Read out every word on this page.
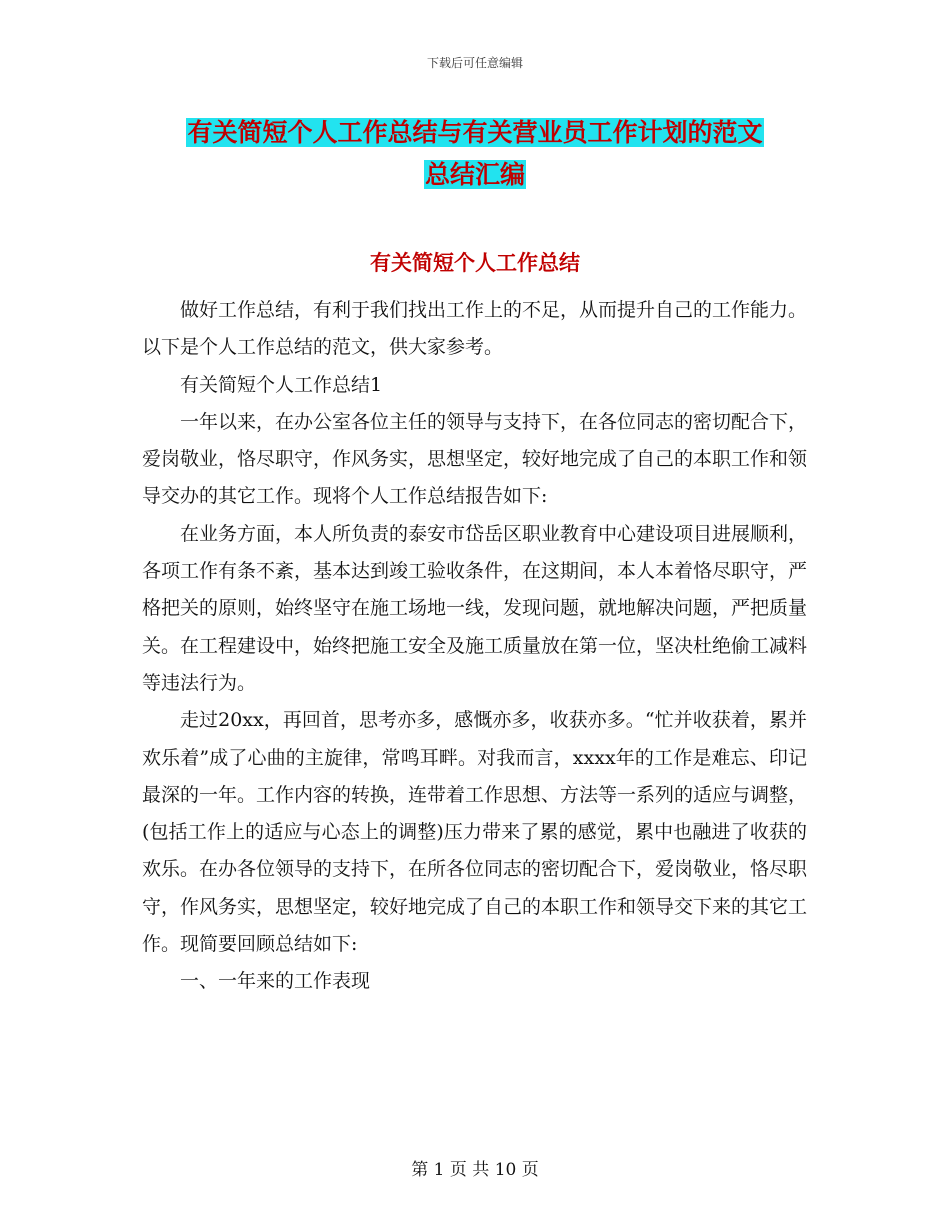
下载后可任意编辑
有关简短个人工作总结与有关营业员工作计划的范文
总结汇编
有关简短个人工作总结

做好工作总结，有利于我们找出工作上的不足，从而提升自己的工作能力。以下是个人工作总结的范文，供大家参考。

有关简短个人工作总结1

一年以来，在办公室各位主任的领导与支持下，在各位同志的密切配合下，爱岗敬业，恪尽职守，作风务实，思想坚定，较好地完成了自己的本职工作和领导交办的其它工作。现将个人工作总结报告如下:

在业务方面，本人所负责的泰安市岱岳区职业教育中心建设项目进展顺利，各项工作有条不紊，基本达到竣工验收条件，在这期间，本人本着恪尽职守，严格把关的原则，始终坚守在施工场地一线，发现问题，就地解决问题，严把质量关。在工程建设中，始终把施工安全及施工质量放在第一位，坚决杜绝偷工减料等违法行为。

走过20xx，再回首，思考亦多，感慨亦多，收获亦多。“忙并收获着，累并欢乐着”成了心曲的主旋律，常鸣耳畔。对我而言，xxxx年的工作是难忘、印记最深的一年。工作内容的转换，连带着工作思想、方法等一系列的适应与调整，(包括工作上的适应与心态上的调整)压力带来了累的感觉，累中也融进了收获的欢乐。在办各位领导的支持下，在所各位同志的密切配合下，爱岗敬业，恪尽职守，作风务实，思想坚定，较好地完成了自己的本职工作和领导交下来的其它工作。现简要回顾总结如下:

一、一年来的工作表现

第 1 页 共 10 页
